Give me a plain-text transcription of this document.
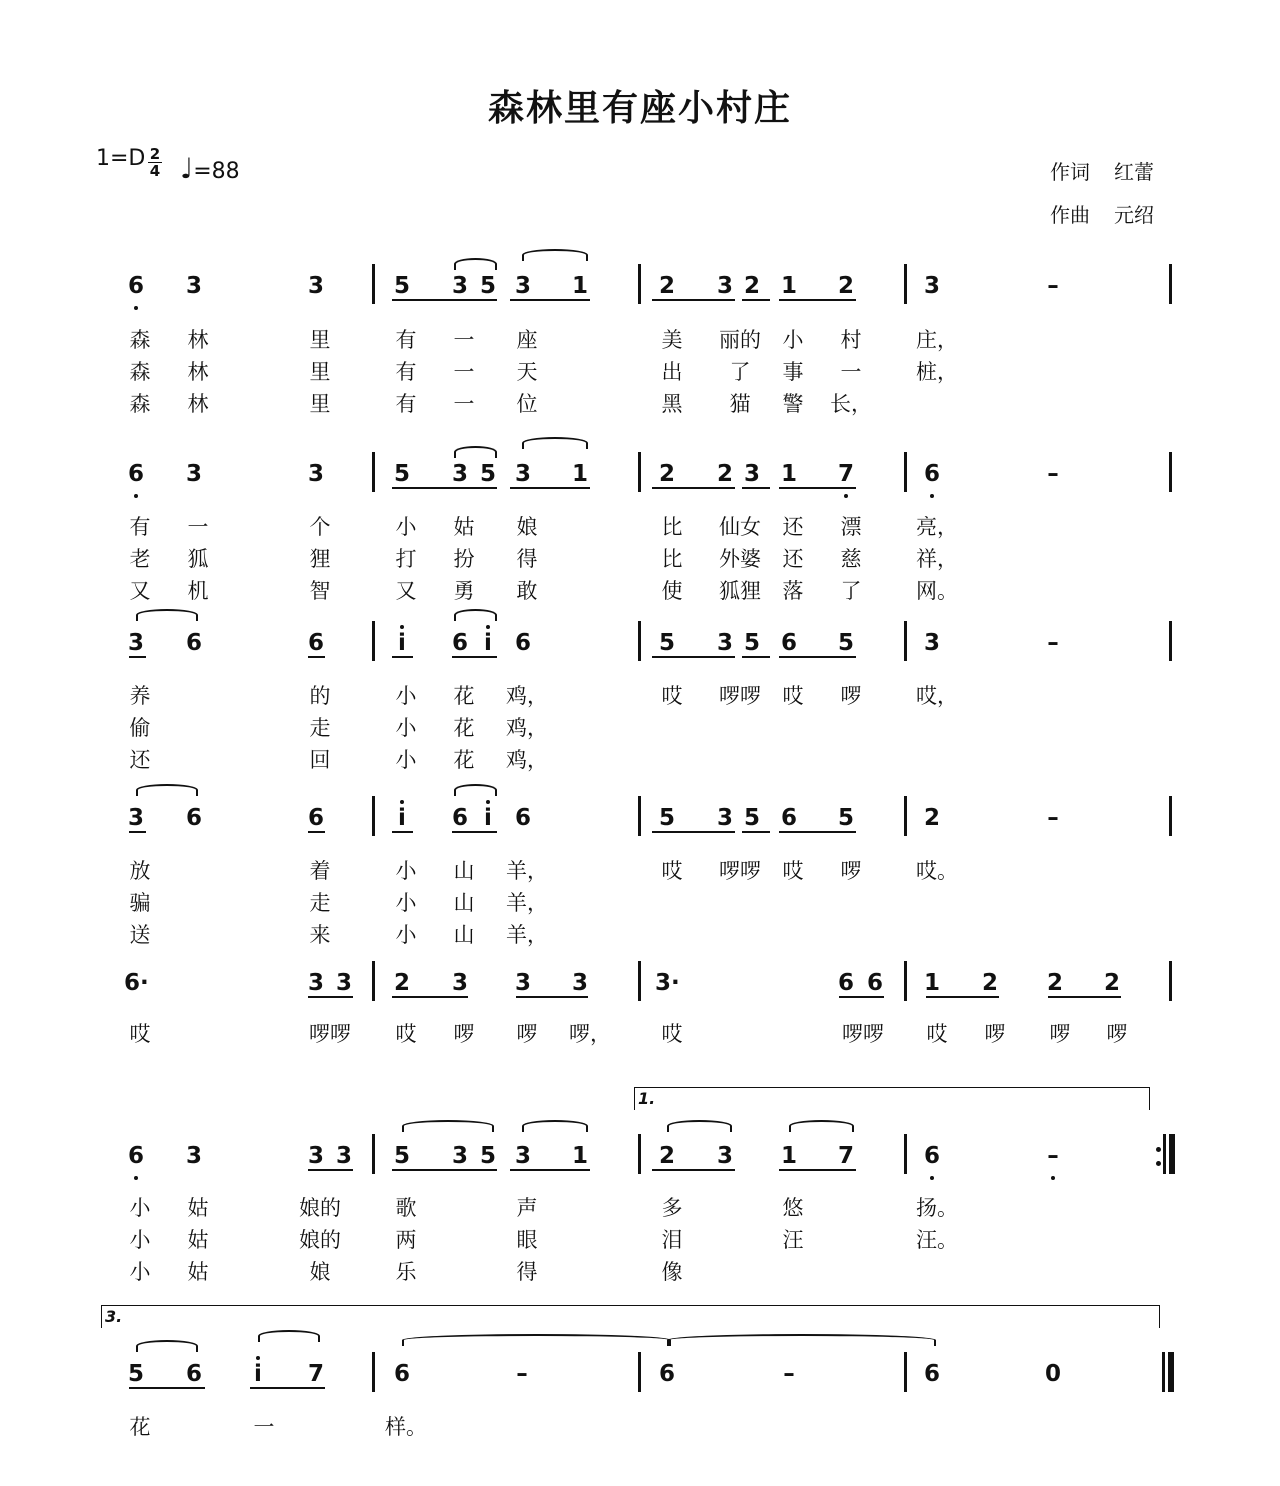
森林里有座小村庄
$1=D \frac{2}{4}$ ♩=88	作词 红蕾
作曲 元绍
6 3	3	5 3 5 3 1	2 3 2 1 2	3	–
森	林	里	有	一	座	美	丽的	小	村	庄，
森	林	里	有	一	天	出	了	事	一	桩，
森	林	里	有	一	位	黑	猫	警	长，
6 3	3	5 3 5 3 1	2 2 3 1 7	6	–
有	一	个	小	姑	娘	比	仙女	还	漂	亮，
老	狐	狸	打	扮	得	比	外婆	还	慈	祥，
又	机	智	又	勇	敢	使	狐狸	落	了	网。
3 6	6	i	6 i	6	5 3 5 6 5	3	–
养	的	小	花	鸡，	哎	啰啰	哎	啰	哎，
偷	走	小	花	鸡，
还	回	小	花	鸡，
3 6	6	i	6 i	6	5 3 5 6 5	2	–
放	着	小	山	羊，	哎	啰啰	哎	啰	哎。
骗	走	小	山	羊，
送	来	小	山	羊，
6·	3 3 2 3 3 3	3·	6 6 1 2 2 2
哎	啰啰	哎	啰	啰	啰，	哎	啰啰	哎	啰	啰	啰
6 3	3 3 5 3 5 3 1	2 3 1 7	6	–
小	姑	娘的	歌	声	多	悠	扬。
小	姑	娘的	两	眼	泪	汪	汪。
小	姑	娘	乐	得	像
5 6	i	7	6	–	6	–	6	0
花	一	样。
1.
3.
